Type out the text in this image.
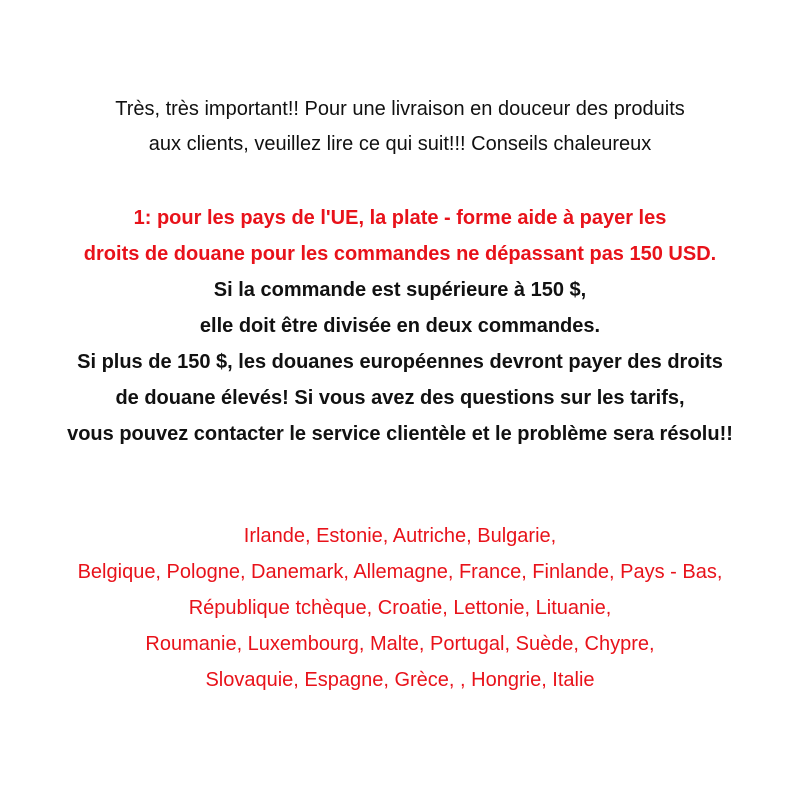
Très, très important!! Pour une livraison en douceur des produits
aux clients, veuillez lire ce qui suit!!! Conseils chaleureux
1: pour les pays de l'UE, la plate - forme aide à payer les
droits de douane pour les commandes ne dépassant pas 150 USD.
Si la commande est supérieure à 150 $,
elle doit être divisée en deux commandes.
Si plus de 150 $, les douanes européennes devront payer des droits
de douane élevés! Si vous avez des questions sur les tarifs,
vous pouvez contacter le service clientèle et le problème sera résolu!!
Irlande, Estonie, Autriche, Bulgarie,
Belgique, Pologne, Danemark, Allemagne, France, Finlande, Pays - Bas,
République tchèque, Croatie, Lettonie, Lituanie,
Roumanie, Luxembourg, Malte, Portugal, Suède, Chypre,
Slovaquie, Espagne, Grèce, , Hongrie, Italie
